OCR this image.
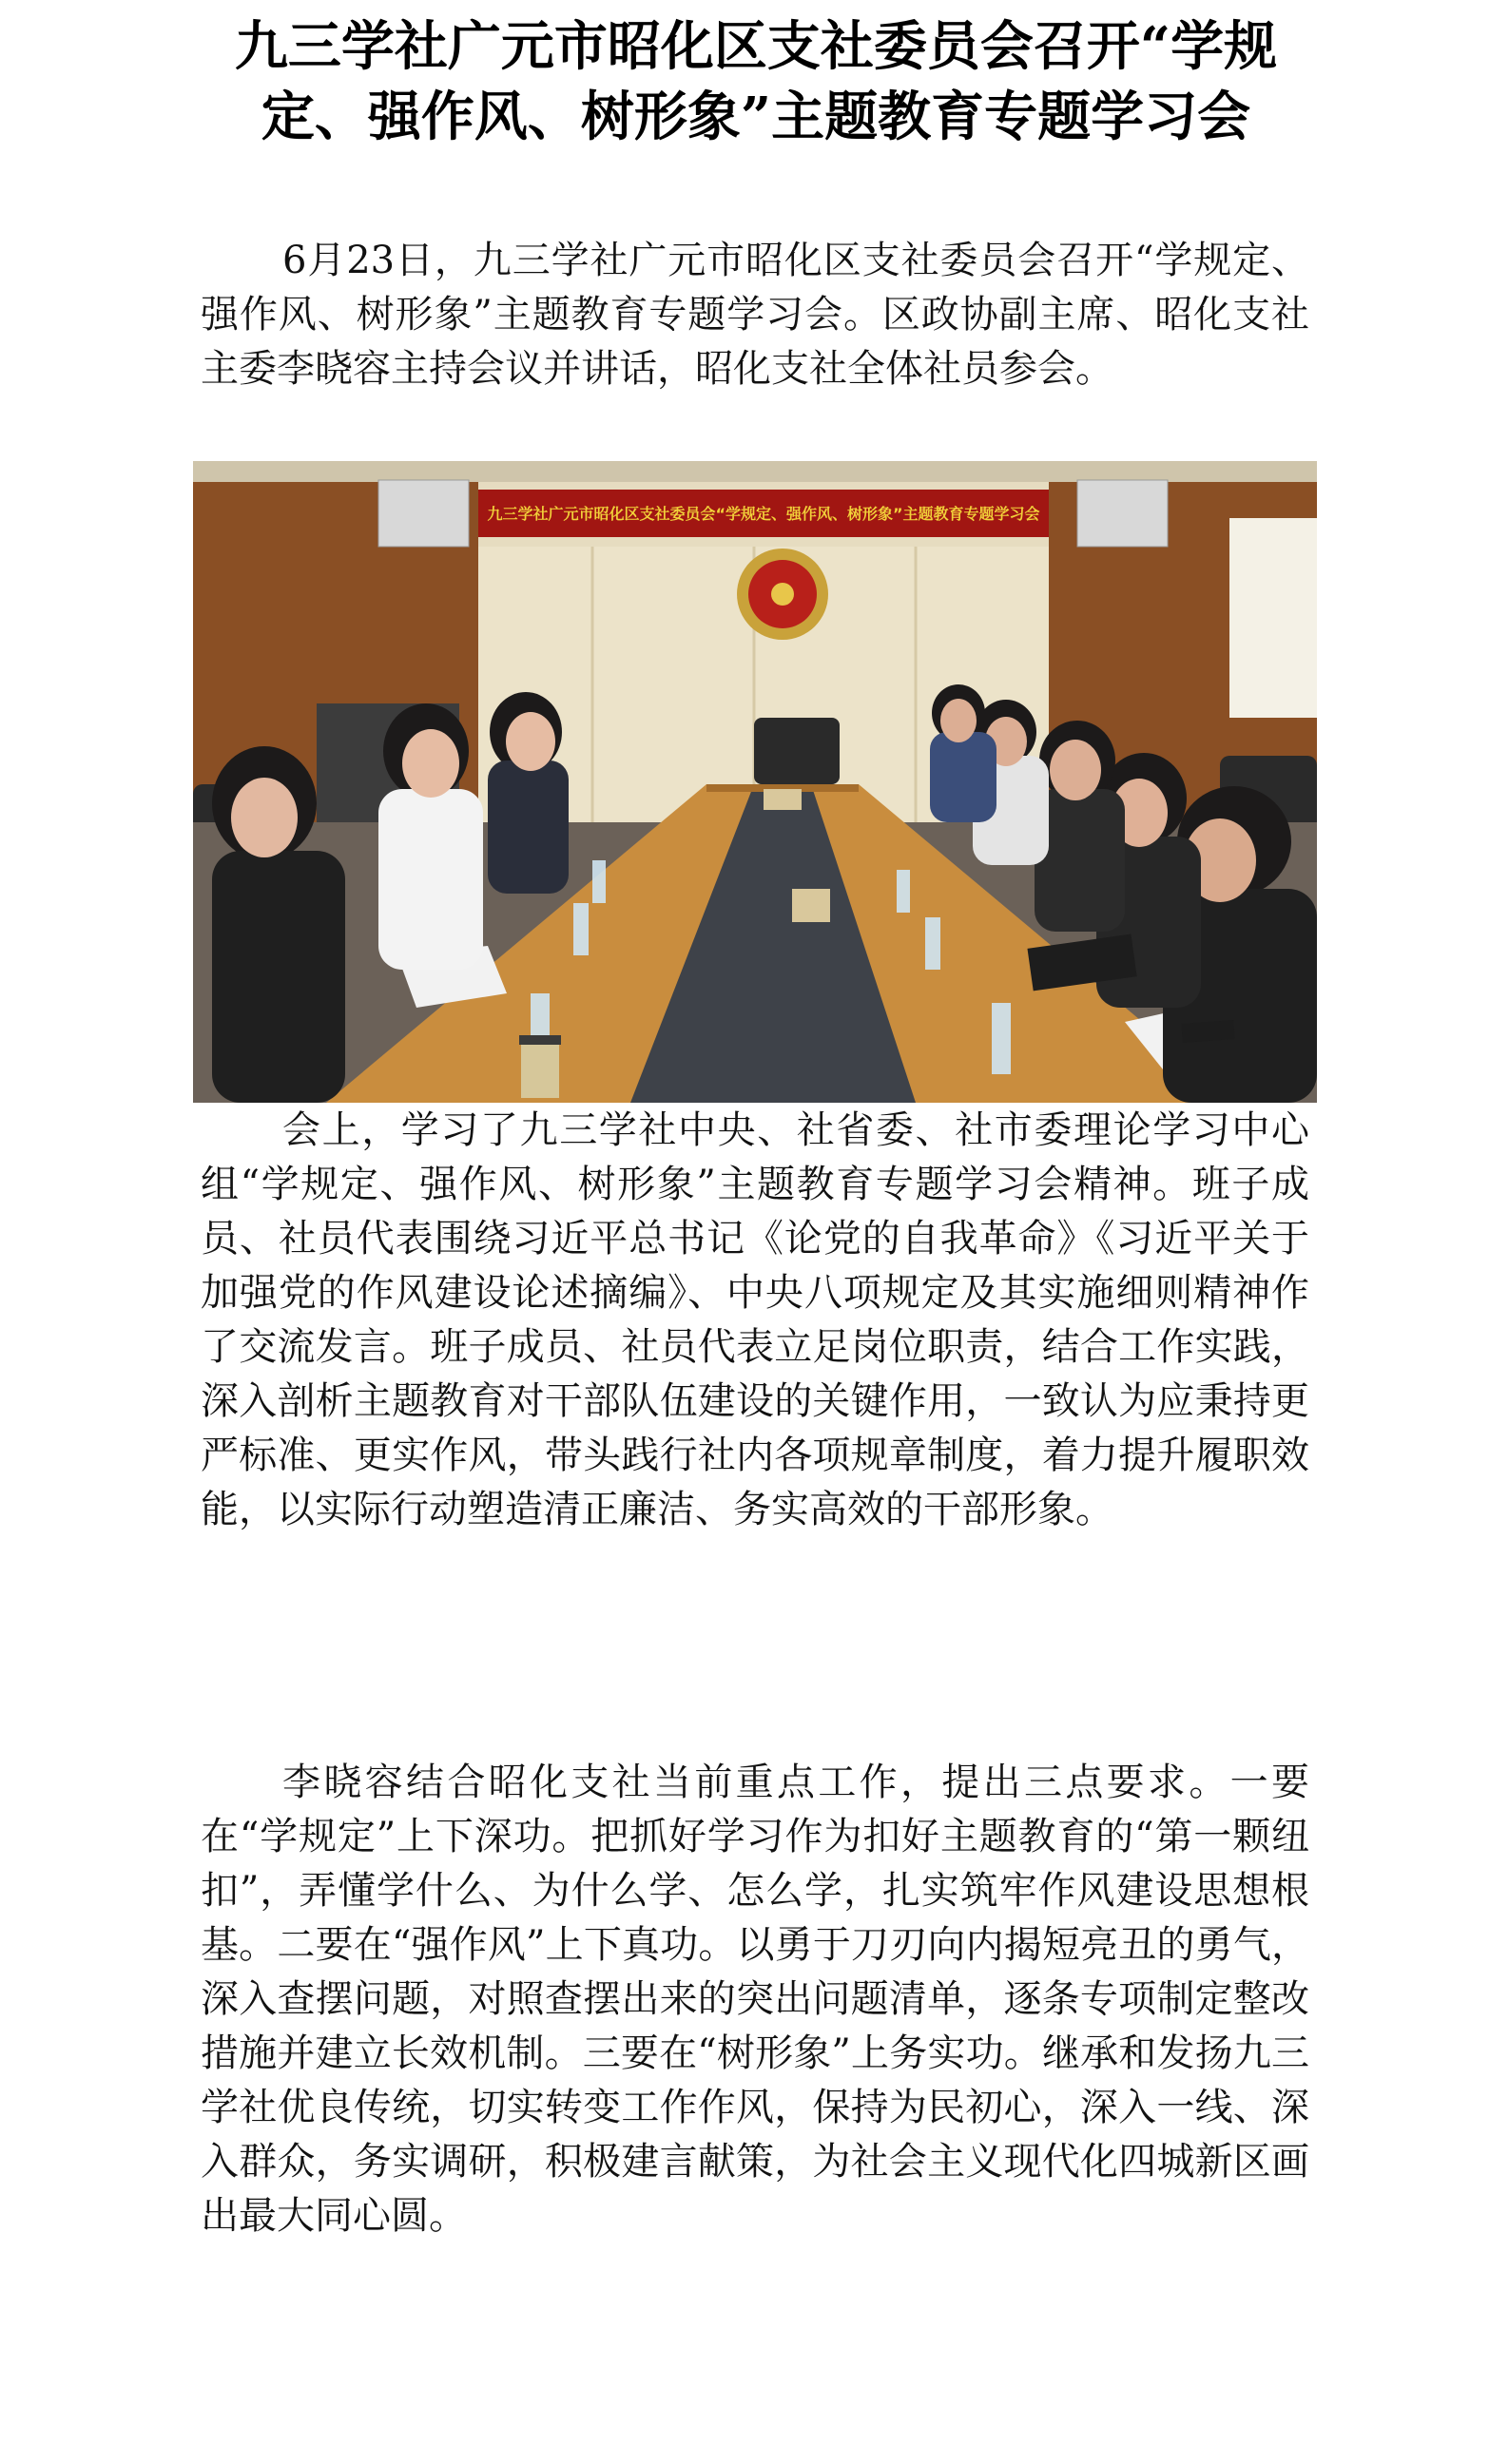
九三学社广元市昭化区支社委员会召开“学规定、强作风、树形象”主题教育专题学习会

6月23日，九三学社广元市昭化区支社委员会召开“学规定、强作风、树形象”主题教育专题学习会。区政协副主席、昭化支社主委李晓容主持会议并讲话，昭化支社全体社员参会。

九三学社广元市昭化区支社委员会“学规定、强作风、树形象”主题教育专题学习会

会上，学习了九三学社中央、社省委、社市委理论学习中心组“学规定、强作风、树形象”主题教育专题学习会精神。班子成员、社员代表围绕习近平总书记《论党的自我革命》《习近平关于加强党的作风建设论述摘编》、中央八项规定及其实施细则精神作了交流发言。班子成员、社员代表立足岗位职责，结合工作实践，深入剖析主题教育对干部队伍建设的关键作用，一致认为应秉持更严标准、更实作风，带头践行社内各项规章制度，着力提升履职效能，以实际行动塑造清正廉洁、务实高效的干部形象。

李晓容结合昭化支社当前重点工作，提出三点要求。一要在“学规定”上下深功。把抓好学习作为扣好主题教育的“第一颗纽扣”，弄懂学什么、为什么学、怎么学，扎实筑牢作风建设思想根基。二要在“强作风”上下真功。以勇于刀刃向内揭短亮丑的勇气，深入查摆问题，对照查摆出来的突出问题清单，逐条专项制定整改措施并建立长效机制。三要在“树形象”上务实功。继承和发扬九三学社优良传统，切实转变工作作风，保持为民初心，深入一线、深入群众，务实调研，积极建言献策，为社会主义现代化四城新区画出最大同心圆。
